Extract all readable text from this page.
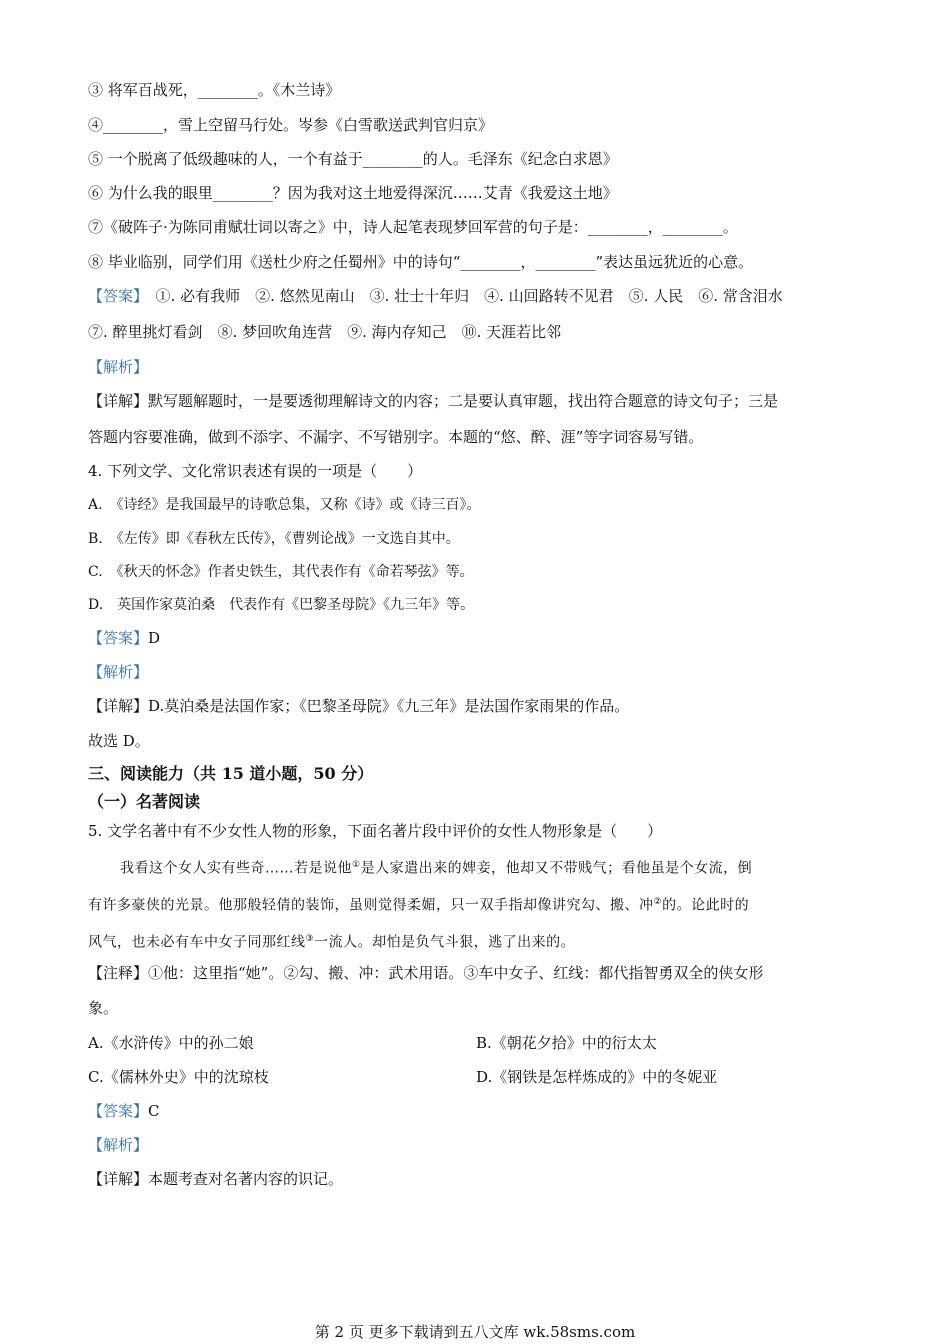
③ 将军百战死，________。《木兰诗》
④________，雪上空留马行处。岑参《白雪歌送武判官归京》
⑤ 一个脱离了低级趣味的人，一个有益于________的人。毛泽东《纪念白求恩》
⑥ 为什么我的眼里________？因为我对这土地爱得深沉……艾青《我爱这土地》
⑦《破阵子·为陈同甫赋壮词以寄之》中，诗人起笔表现梦回军营的句子是：________，________。
⑧ 毕业临别，同学们用《送杜少府之任蜀州》中的诗句“________，________”表达虽远犹近的心意。
【答案】　 ①. 必有我师　②. 悠然见南山　③. 壮士十年归　④. 山回路转不见君　⑤. 人民　⑥. 常含泪水
⑦. 醉里挑灯看剑　⑧. 梦回吹角连营　⑨. 海内存知己　⑩. 天涯若比邻
【解析】
【详解】默写题解题时，一是要透彻理解诗文的内容；二是要认真审题，找出符合题意的诗文句子；三是
答题内容要准确，做到不添字、不漏字、不写错别字。本题的“悠、醉、涯”等字词容易写错。
4. 下列文学、文化常识表述有误的一项是（　　）
A.　《诗经》是我国最早的诗歌总集，又称《诗》或《诗三百》。
B.　《左传》即《春秋左氏传》，《曹刿论战》一文选自其中。
C.　《秋天的怀念》作者史铁生，其代表作有《命若琴弦》等。
D.　英国作家莫泊桑　代表作有《巴黎圣母院》《九三年》等。
【答案】D
【解析】
【详解】D.莫泊桑是法国作家；《巴黎圣母院》《九三年》是法国作家雨果的作品。
故选 D。
三、阅读能力（共 15 道小题，50 分）
（一）名著阅读
5. 文学名著中有不少女性人物的形象，下面名著片段中评价的女性人物形象是（　　）
我看这个女人实有些奇……若是说他①是人家遣出来的婢妾，他却又不带贱气；看他虽是个女流，倒
有许多豪侠的光景。他那般轻倩的装饰，虽则觉得柔媚，只一双手指却像讲究勾、搬、冲②的。论此时的
风气，也未必有车中女子同那红线③一流人。却怕是负气斗狠，逃了出来的。
【注释】①他：这里指“她”。②勾、搬、冲：武术用语。③车中女子、红线：都代指智勇双全的侠女形
象。
A.《水浒传》中的孙二娘	B.《朝花夕拾》中的衍太太
C.《儒林外史》中的沈琼枝	D.《钢铁是怎样炼成的》中的冬妮亚
【答案】C
【解析】
【详解】本题考查对名著内容的识记。
第 2 页 更多下载请到五八文库 wk.58sms.com
